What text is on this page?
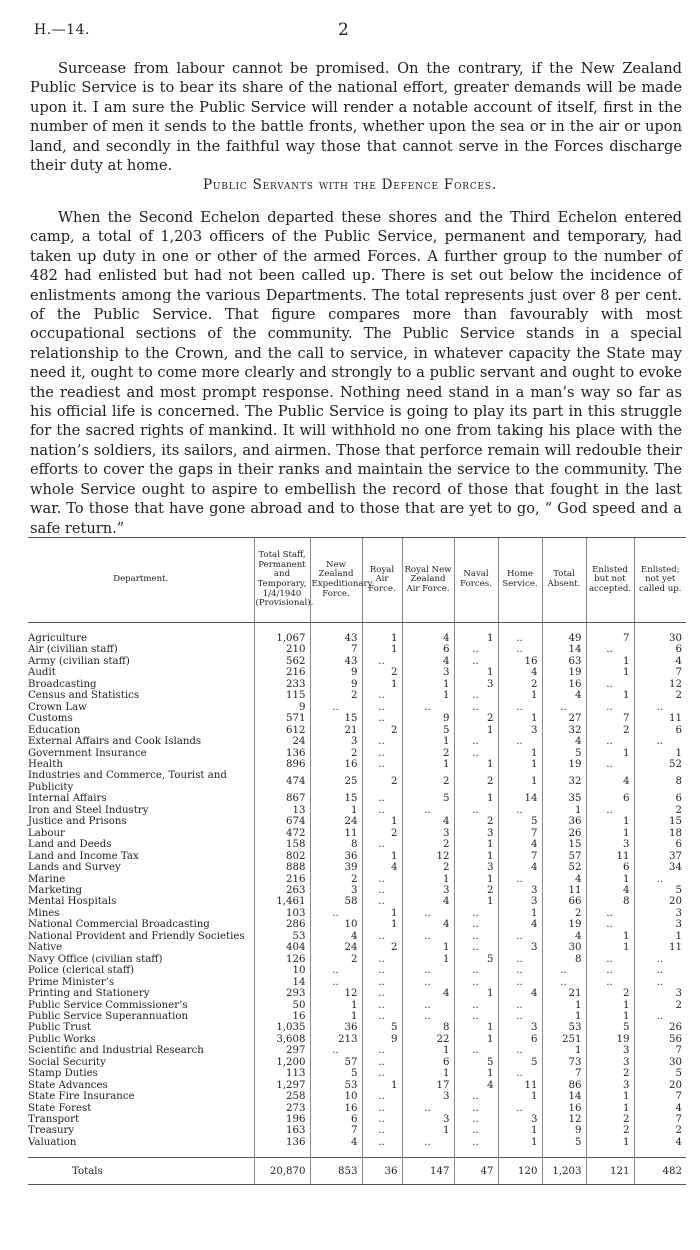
H.—14.	2

Surcease from labour cannot be promised. On the contrary, if the New Zealand Public Service is to bear its share of the national effort, greater demands will be made upon it. I am sure the Public Service will render a notable account of itself, first in the number of men it sends to the battle fronts, whether upon the sea or in the air or upon land, and secondly in the faithful way those that cannot serve in the Forces discharge their duty at home.

Public Servants with the Defence Forces.

When the Second Echelon departed these shores and the Third Echelon entered camp, a total of 1,203 officers of the Public Service, permanent and temporary, had taken up duty in one or other of the armed Forces. A further group to the number of 482 had enlisted but had not been called up. There is set out below the incidence of enlistments among the various Departments. The total represents just over 8 per cent. of the Public Service. That figure compares more than favourably with most occupational sections of the community. The Public Service stands in a special relationship to the Crown, and the call to service, in whatever capacity the State may need it, ought to come more clearly and strongly to a public servant and ought to evoke the readiest and most prompt response. Nothing need stand in a man’s way so far as his official life is concerned. The Public Service is going to play its part in this struggle for the sacred rights of mankind. It will withhold no one from taking his place with the nation’s soldiers, its sailors, and airmen. Those that perforce remain will redouble their efforts to cover the gaps in their ranks and maintain the service to the community. The whole Service ought to aspire to embellish the record of those that fought in the last war. To those that have gone abroad and to those that are yet to go, “ God speed and a safe return.”

Department.	Total Staff, Permanent and Temporary, 1/4/1940 (Provisional).	New Zealand Expeditionary Force.	Royal Air Force.	Royal New Zealand Air Force.	Naval Forces.	Home Service.	Total Absent.	Enlisted but not accepted.	Enlisted; not yet called up.

Agriculture	1,067	43	1	4	1	..	49	7	30
Air (civilian staff)	210	7	1	6	..	..	14	..	6
Army (civilian staff)	562	43	..	4	..	16	63	1	4
Audit	216	9	2	3	1	4	19	1	7
Broadcasting	233	9	1	1	3	2	16	..	12
Census and Statistics	115	2	..	1	..	1	4	1	2
Crown Law	9	..	..	..	..	..	..	..	..
Customs	571	15	..	9	2	1	27	7	11
Education	612	21	2	5	1	3	32	2	6
External Affairs and Cook Islands	24	3	..	1	..	..	4	..	..
Government Insurance	136	2	..	2	..	1	5	1	1
Health	896	16	..	1	1	1	19	..	52
Industries and Commerce, Tourist and Publicity	474	25	2	2	2	1	32	4	8
Internal Affairs	867	15	..	5	1	14	35	6	6
Iron and Steel Industry	13	1	..	..	..	..	1	..	2
Justice and Prisons	674	24	1	4	2	5	36	1	15
Labour	472	11	2	3	3	7	26	1	18
Land and Deeds	158	8	..	2	1	4	15	3	6
Land and Income Tax	802	36	1	12	1	7	57	11	37
Lands and Survey	888	39	4	2	3	4	52	6	34
Marine	216	2	..	1	1	..	4	1	..
Marketing	263	3	..	3	2	3	11	4	5
Mental Hospitals	1,461	58	..	4	1	3	66	8	20
Mines	103	..	1	..	..	1	2	..	3
National Commercial Broadcasting	286	10	1	4	..	4	19	..	3
National Provident and Friendly Societies	53	4	..	..	..	..	4	1	1
Native	404	24	2	1	..	3	30	1	11
Navy Office (civilian staff)	126	2	..	1	5	..	8	..	..
Police (clerical staff)	10	..	..	..	..	..	..	..	..
Prime Minister’s	14	..	..	..	..	..	..	..	..
Printing and Stationery	293	12	..	4	1	4	21	2	3
Public Service Commissioner’s	50	1	..	..	..	..	1	1	2
Public Service Superannuation	16	1	..	..	..	..	1	1	..
Public Trust	1,035	36	5	8	1	3	53	5	26
Public Works	3,608	213	9	22	1	6	251	19	56
Scientific and Industrial Research	297	..	..	1	..	..	1	3	7
Social Security	1,200	57	..	6	5	5	73	3	30
Stamp Duties	113	5	..	1	1	..	7	2	5
State Advances	1,297	53	1	17	4	11	86	3	20
State Fire Insurance	258	10	..	3	..	1	14	1	7
State Forest	273	16	..	..	..	..	16	1	4
Transport	196	6	..	3	..	3	12	2	7
Treasury	163	7	..	1	..	1	9	2	2
Valuation	136	4	..	..	..	1	5	1	4

Totals	20,870	853	36	147	47	120	1,203	121	482
